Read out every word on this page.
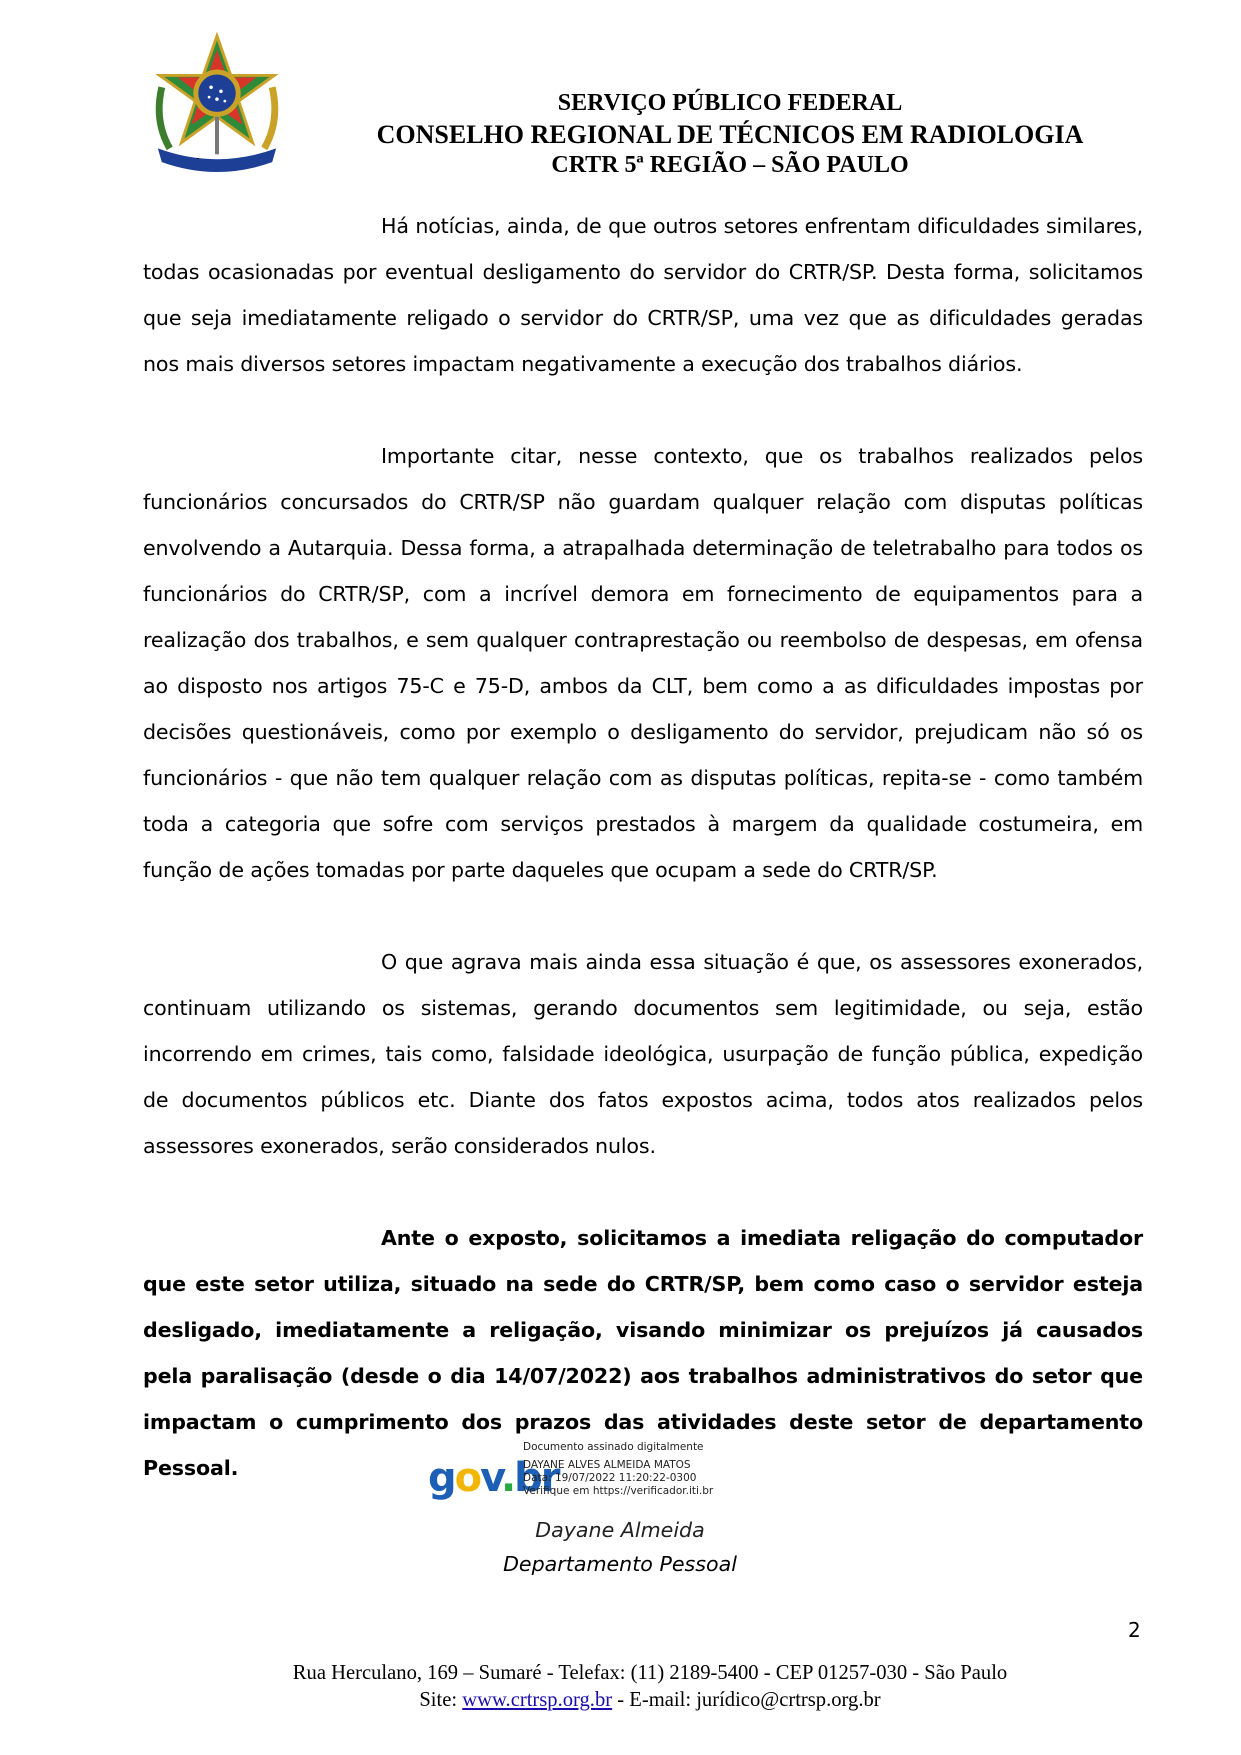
SERVIÇO PÚBLICO FEDERAL
CONSELHO REGIONAL DE TÉCNICOS EM RADIOLOGIA
CRTR 5ª REGIÃO – SÃO PAULO

Há notícias, ainda, de que outros setores enfrentam dificuldades similares, todas ocasionadas por eventual desligamento do servidor do CRTR/SP. Desta forma, solicitamos que seja imediatamente religado o servidor do CRTR/SP, uma vez que as dificuldades geradas nos mais diversos setores impactam negativamente a execução dos trabalhos diários.

Importante citar, nesse contexto, que os trabalhos realizados pelos funcionários concursados do CRTR/SP não guardam qualquer relação com disputas políticas envolvendo a Autarquia. Dessa forma, a atrapalhada determinação de teletrabalho para todos os funcionários do CRTR/SP, com a incrível demora em fornecimento de equipamentos para a realização dos trabalhos, e sem qualquer contraprestação ou reembolso de despesas, em ofensa ao disposto nos artigos 75-C e 75-D, ambos da CLT, bem como a as dificuldades impostas por decisões questionáveis, como por exemplo o desligamento do servidor, prejudicam não só os funcionários - que não tem qualquer relação com as disputas políticas, repita-se - como também toda a categoria que sofre com serviços prestados à margem da qualidade costumeira, em função de ações tomadas por parte daqueles que ocupam a sede do CRTR/SP.

O que agrava mais ainda essa situação é que, os assessores exonerados, continuam utilizando os sistemas, gerando documentos sem legitimidade, ou seja, estão incorrendo em crimes, tais como, falsidade ideológica, usurpação de função pública, expedição de documentos públicos etc. Diante dos fatos expostos acima, todos atos realizados pelos assessores exonerados, serão considerados nulos.

Ante o exposto, solicitamos a imediata religação do computador que este setor utiliza, situado na sede do CRTR/SP, bem como caso o servidor esteja desligado, imediatamente a religação, visando minimizar os prejuízos já causados pela paralisação (desde o dia 14/07/2022) aos trabalhos administrativos do setor que impactam o cumprimento dos prazos das atividades deste setor de departamento Pessoal.	gov.br
Documento assinado digitalmente
DAYANE ALVES ALMEIDA MATOS
Data: 19/07/2022 11:20:22-0300
Verifique em https://verificador.iti.br
Dayane Almeida
Departamento Pessoal
2
Rua Herculano, 169 – Sumaré - Telefax: (11) 2189-5400 - CEP 01257-030 - São Paulo
Site: www.crtrsp.org.br - E-mail: jurídico@crtrsp.org.br
